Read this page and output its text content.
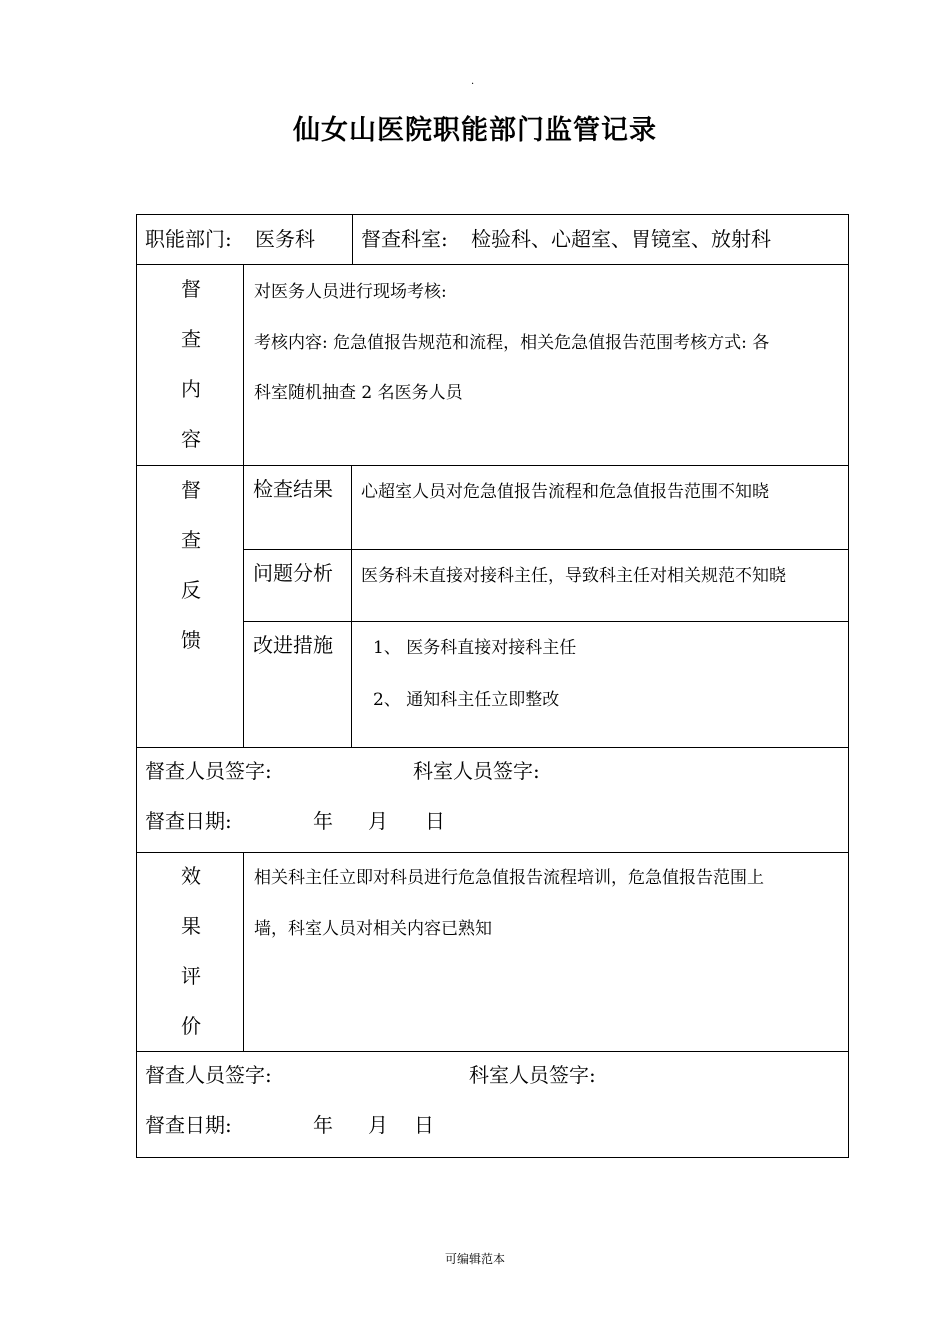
.
仙女山医院职能部门监管记录
职能部门: 医务科 督查科室: 检验科、心超室、胃镜室、放射科
督
查
内
容
对医务人员进行现场考核:
考核内容: 危急值报告规范和流程，相关危急值报告范围考核方式: 各
科室随机抽查 2 名医务人员
督
查
反
馈
检查结果 心超室人员对危急值报告流程和危急值报告范围不知晓
问题分析 医务科未直接对接科主任，导致科主任对相关规范不知晓
改进措施 1、 医务科直接对接科主任
2、 通知科主任立即整改
督查人员签字:	科室人员签字:
督查日期:	年 月 日
效
果
评
价
相关科主任立即对科员进行危急值报告流程培训，危急值报告范围上
墙，科室人员对相关内容已熟知
督查人员签字:	科室人员签字:
督查日期:	年 月 日
可编辑范本
